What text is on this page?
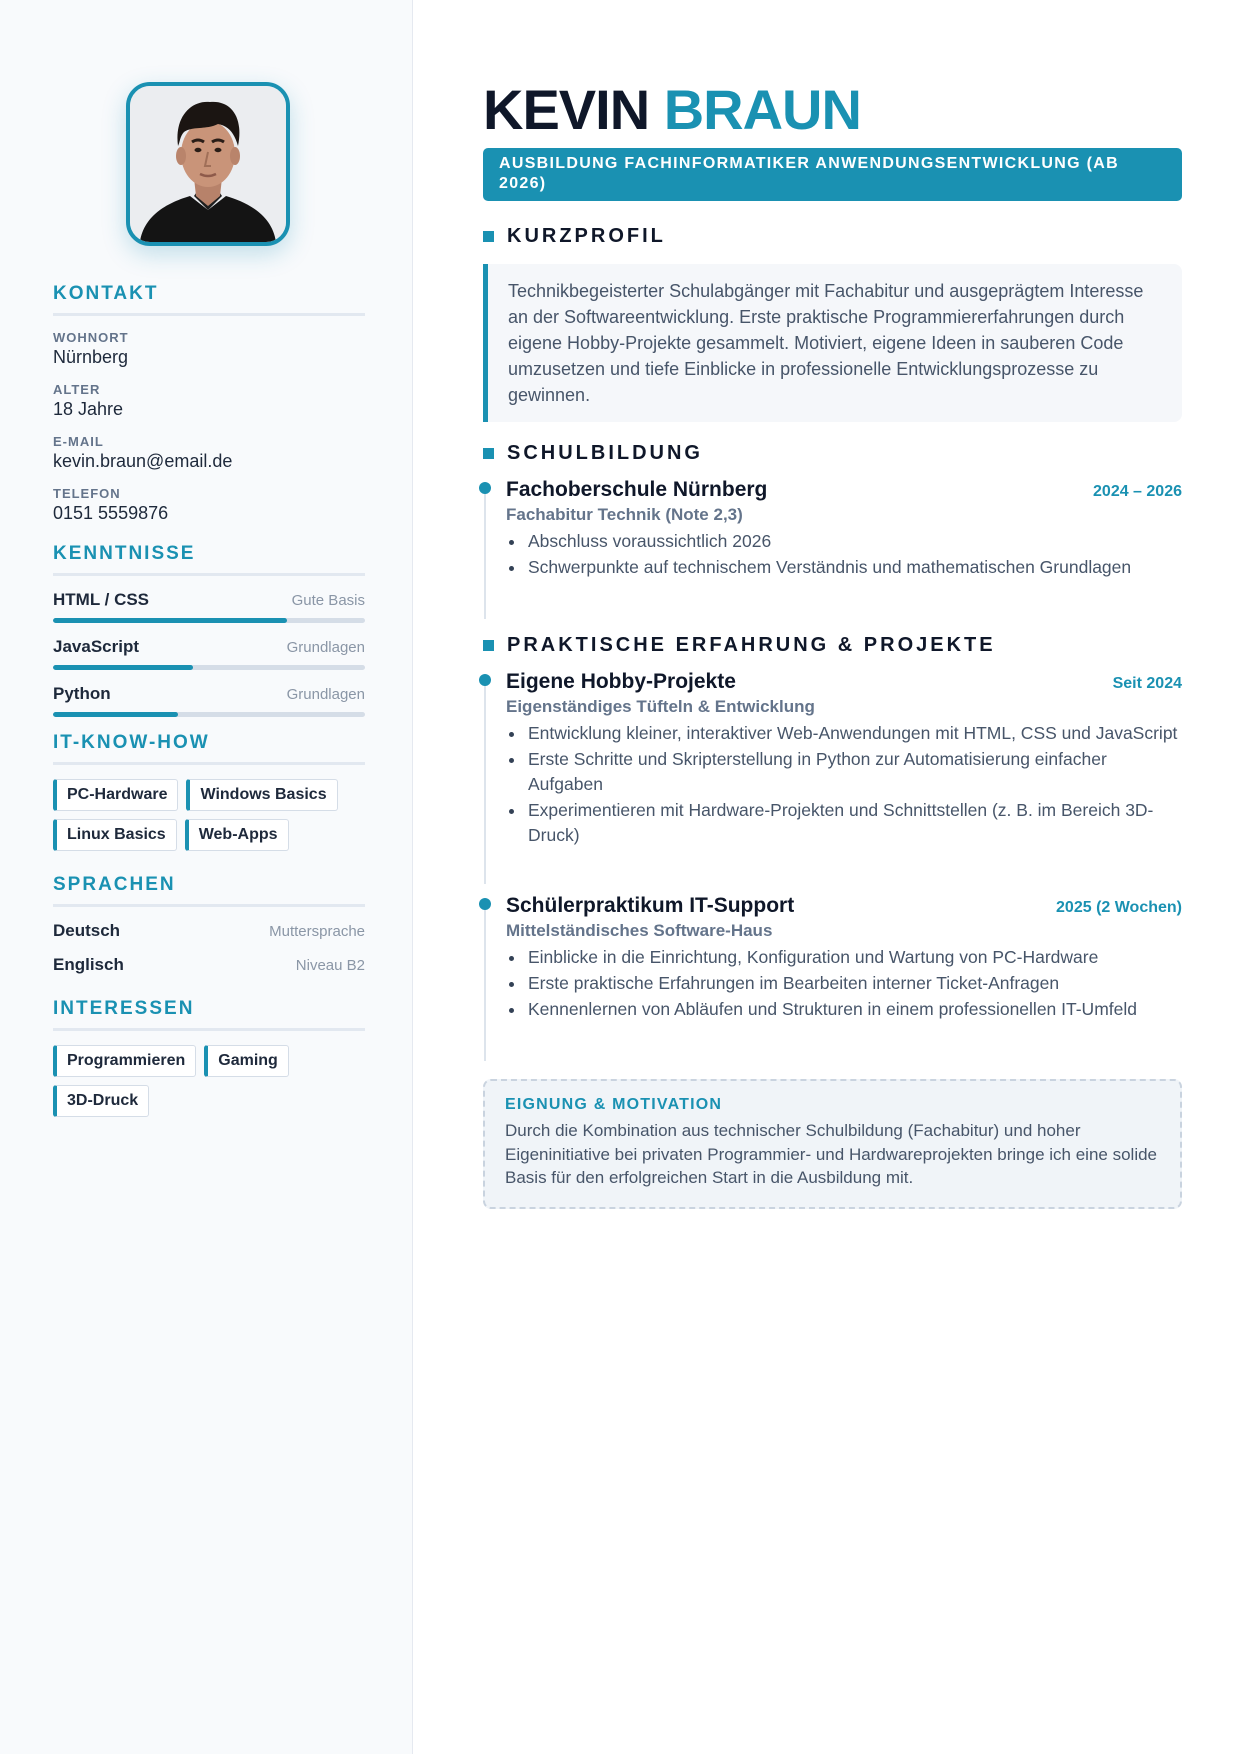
KONTAKT
WOHNORT
Nürnberg
ALTER
18 Jahre
E-MAIL
kevin.braun@email.de
TELEFON
0151 5559876
KENNTNISSE
HTML / CSS	Gute Basis
JavaScript	Grundlagen
Python	Grundlagen
IT-KNOW-HOW
PC-Hardware	Windows Basics
Linux Basics	Web-Apps
SPRACHEN
Deutsch	Muttersprache
Englisch	Niveau B2
INTERESSEN
Programmieren	Gaming
3D-Druck
KEVIN BRAUN
AUSBILDUNG FACHINFORMATIKER ANWENDUNGSENTWICKLUNG (AB 2026)
KURZPROFIL
Technikbegeisterter Schulabgänger mit Fachabitur und ausgeprägtem Interesse an der Softwareentwicklung. Erste praktische Programmiererfahrungen durch eigene Hobby-Projekte gesammelt. Motiviert, eigene Ideen in sauberen Code umzusetzen und tiefe Einblicke in professionelle Entwicklungsprozesse zu gewinnen.
SCHULBILDUNG
Fachoberschule Nürnberg	2024 – 2026
Fachabitur Technik (Note 2,3)
Abschluss voraussichtlich 2026
Schwerpunkte auf technischem Verständnis und mathematischen Grundlagen
PRAKTISCHE ERFAHRUNG & PROJEKTE
Eigene Hobby-Projekte	Seit 2024
Eigenständiges Tüfteln & Entwicklung
Entwicklung kleiner, interaktiver Web-Anwendungen mit HTML, CSS und JavaScript
Erste Schritte und Skripterstellung in Python zur Automatisierung einfacher Aufgaben
Experimentieren mit Hardware-Projekten und Schnittstellen (z. B. im Bereich 3D-Druck)
Schülerpraktikum IT-Support	2025 (2 Wochen)
Mittelständisches Software-Haus
Einblicke in die Einrichtung, Konfiguration und Wartung von PC-Hardware
Erste praktische Erfahrungen im Bearbeiten interner Ticket-Anfragen
Kennenlernen von Abläufen und Strukturen in einem professionellen IT-Umfeld
EIGNUNG & MOTIVATION
Durch die Kombination aus technischer Schulbildung (Fachabitur) und hoher Eigeninitiative bei privaten Programmier- und Hardwareprojekten bringe ich eine solide Basis für den erfolgreichen Start in die Ausbildung mit.
